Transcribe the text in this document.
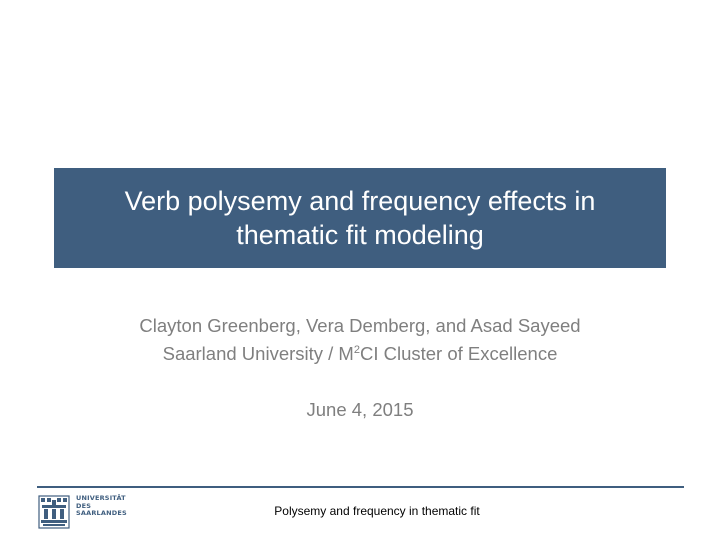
Verb polysemy and frequency effects in
thematic fit modeling
Clayton Greenberg, Vera Demberg, and Asad Sayeed
Saarland University / $M^2CI$ Cluster of Excellence
June 4, 2015
UNIVERSITÄT
DES
SAARLANDES	Polysemy and frequency in thematic fit
